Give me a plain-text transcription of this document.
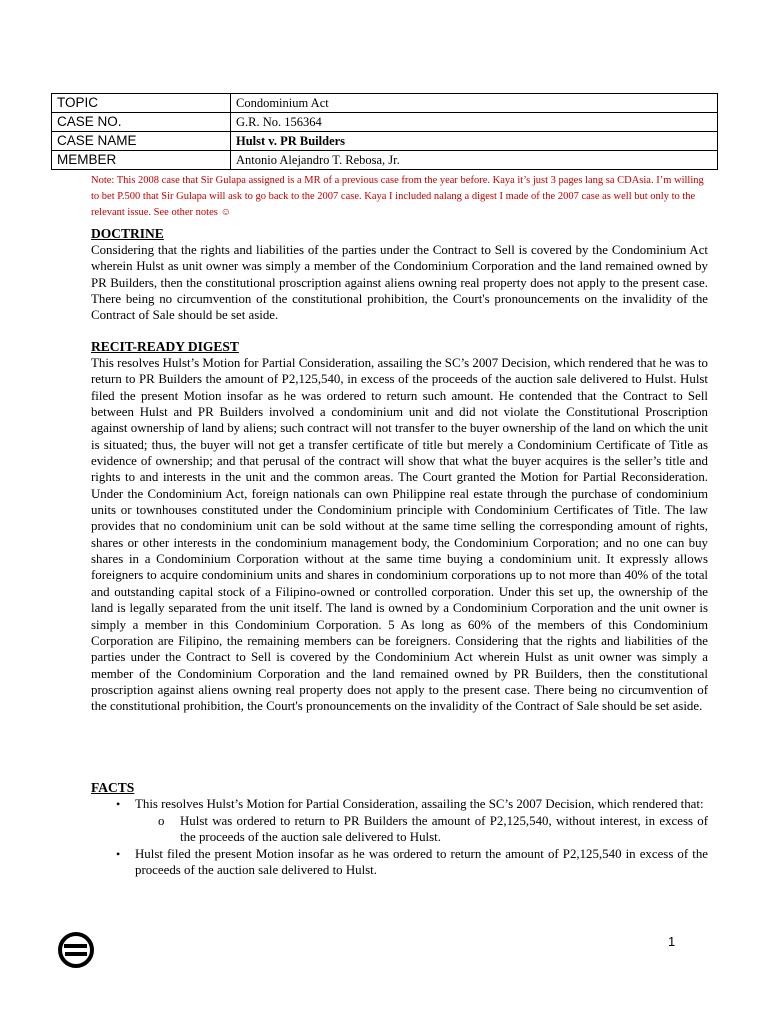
TOPIC	Condominium Act
CASE NO.	G.R. No. 156364
CASE NAME	Hulst v. PR Builders
MEMBER	Antonio Alejandro T. Rebosa, Jr.
Note: This 2008 case that Sir Gulapa assigned is a MR of a previous case from the year before. Kaya it’s just 3 pages lang sa CDAsia. I’m willing to bet P.500 that Sir Gulapa will ask to go back to the 2007 case. Kaya I included nalang a digest I made of the 2007 case as well but only to the relevant issue. See other notes ☺
DOCTRINE

Considering that the rights and liabilities of the parties under the Contract to Sell is covered by the Condominium Act wherein Hulst as unit owner was simply a member of the Condominium Corporation and the land remained owned by PR Builders, then the constitutional proscription against aliens owning real property does not apply to the present case. There being no circumvention of the constitutional prohibition, the Court's pronouncements on the invalidity of the Contract of Sale should be set aside.

RECIT-READY DIGEST

This resolves Hulst’s Motion for Partial Consideration, assailing the SC’s 2007 Decision, which rendered that he was to return to PR Builders the amount of P2,125,540, in excess of the proceeds of the auction sale delivered to Hulst. Hulst filed the present Motion insofar as he was ordered to return such amount. He contended that the Contract to Sell between Hulst and PR Builders involved a condominium unit and did not violate the Constitutional Proscription against ownership of land by aliens; such contract will not transfer to the buyer ownership of the land on which the unit is situated; thus, the buyer will not get a transfer certificate of title but merely a Condominium Certificate of Title as evidence of ownership; and that perusal of the contract will show that what the buyer acquires is the seller’s title and rights to and interests in the unit and the common areas. The Court granted the Motion for Partial Reconsideration. Under the Condominium Act, foreign nationals can own Philippine real estate through the purchase of condominium units or townhouses constituted under the Condominium principle with Condominium Certificates of Title. The law provides that no condominium unit can be sold without at the same time selling the corresponding amount of rights, shares or other interests in the condominium management body, the Condominium Corporation; and no one can buy shares in a Condominium Corporation without at the same time buying a condominium unit. It expressly allows foreigners to acquire condominium units and shares in condominium corporations up to not more than 40% of the total and outstanding capital stock of a Filipino-owned or controlled corporation. Under this set up, the ownership of the land is legally separated from the unit itself. The land is owned by a Condominium Corporation and the unit owner is simply a member in this Condominium Corporation. 5 As long as 60% of the members of this Condominium Corporation are Filipino, the remaining members can be foreigners. Considering that the rights and liabilities of the parties under the Contract to Sell is covered by the Condominium Act wherein Hulst as unit owner was simply a member of the Condominium Corporation and the land remained owned by PR Builders, then the constitutional proscription against aliens owning real property does not apply to the present case. There being no circumvention of the constitutional prohibition, the Court's pronouncements on the invalidity of the Contract of Sale should be set aside.

FACTS
• This resolves Hulst’s Motion for Partial Consideration, assailing the SC’s 2007 Decision, which rendered that:
o Hulst was ordered to return to PR Builders the amount of P2,125,540, without interest, in excess of the proceeds of the auction sale delivered to Hulst.
• Hulst filed the present Motion insofar as he was ordered to return the amount of P2,125,540 in excess of the proceeds of the auction sale delivered to Hulst.
1
